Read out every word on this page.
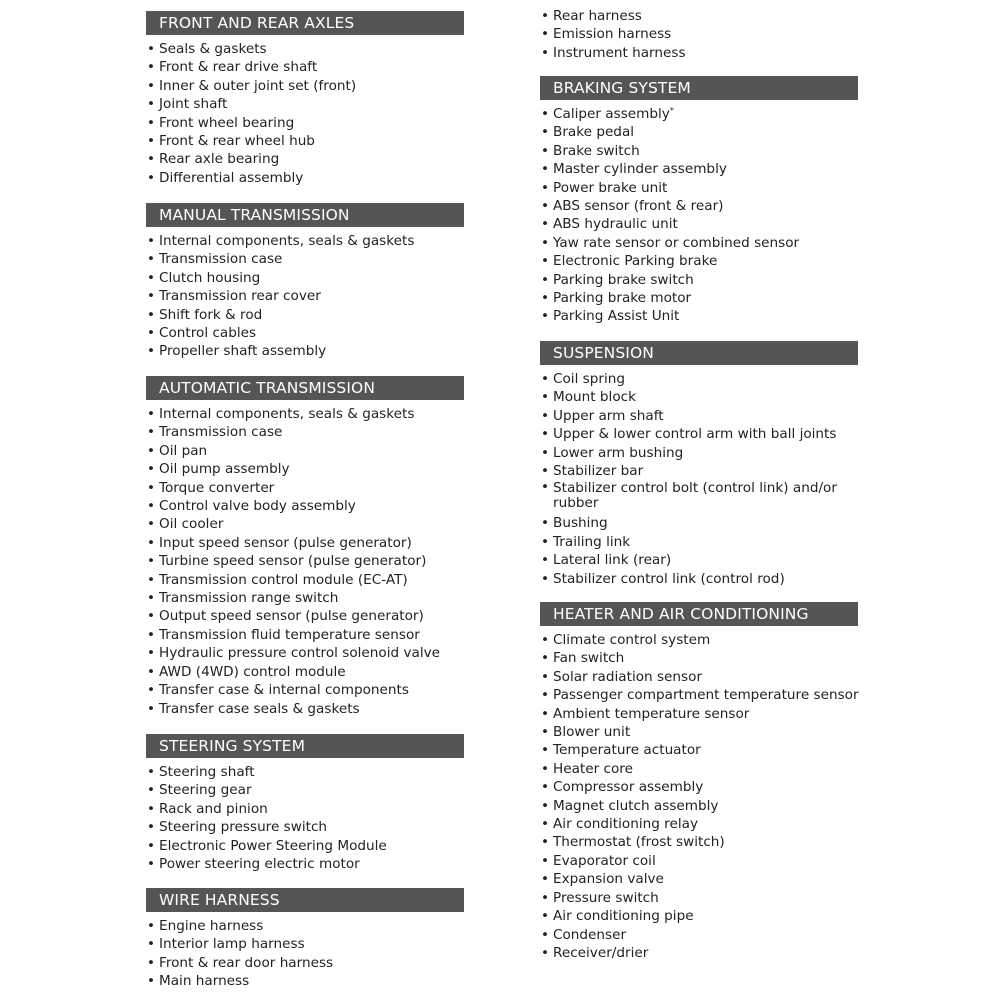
FRONT AND REAR AXLES
• Seals & gaskets
• Front & rear drive shaft
• Inner & outer joint set (front)
• Joint shaft
• Front wheel bearing
• Front & rear wheel hub
• Rear axle bearing
• Differential assembly
MANUAL TRANSMISSION
• Internal components, seals & gaskets
• Transmission case
• Clutch housing
• Transmission rear cover
• Shift fork & rod
• Control cables
• Propeller shaft assembly
AUTOMATIC TRANSMISSION
• Internal components, seals & gaskets
• Transmission case
• Oil pan
• Oil pump assembly
• Torque converter
• Control valve body assembly
• Oil cooler
• Input speed sensor (pulse generator)
• Turbine speed sensor (pulse generator)
• Transmission control module (EC-AT)
• Transmission range switch
• Output speed sensor (pulse generator)
• Transmission fluid temperature sensor
• Hydraulic pressure control solenoid valve
• AWD (4WD) control module
• Transfer case & internal components
• Transfer case seals & gaskets
STEERING SYSTEM
• Steering shaft
• Steering gear
• Rack and pinion
• Steering pressure switch
• Electronic Power Steering Module
• Power steering electric motor
WIRE HARNESS
• Engine harness
• Interior lamp harness
• Front & rear door harness
• Main harness
• Rear harness
• Emission harness
• Instrument harness
BRAKING SYSTEM
• Caliper assembly*
• Brake pedal
• Brake switch
• Master cylinder assembly
• Power brake unit
• ABS sensor (front & rear)
• ABS hydraulic unit
• Yaw rate sensor or combined sensor
• Electronic Parking brake
• Parking brake switch
• Parking brake motor
• Parking Assist Unit
SUSPENSION
• Coil spring
• Mount block
• Upper arm shaft
• Upper & lower control arm with ball joints
• Lower arm bushing
• Stabilizer bar
• Stabilizer control bolt (control link) and/or rubber
• Bushing
• Trailing link
• Lateral link (rear)
• Stabilizer control link (control rod)
HEATER AND AIR CONDITIONING
• Climate control system
• Fan switch
• Solar radiation sensor
• Passenger compartment temperature sensor
• Ambient temperature sensor
• Blower unit
• Temperature actuator
• Heater core
• Compressor assembly
• Magnet clutch assembly
• Air conditioning relay
• Thermostat (frost switch)
• Evaporator coil
• Expansion valve
• Pressure switch
• Air conditioning pipe
• Condenser
• Receiver/drier
